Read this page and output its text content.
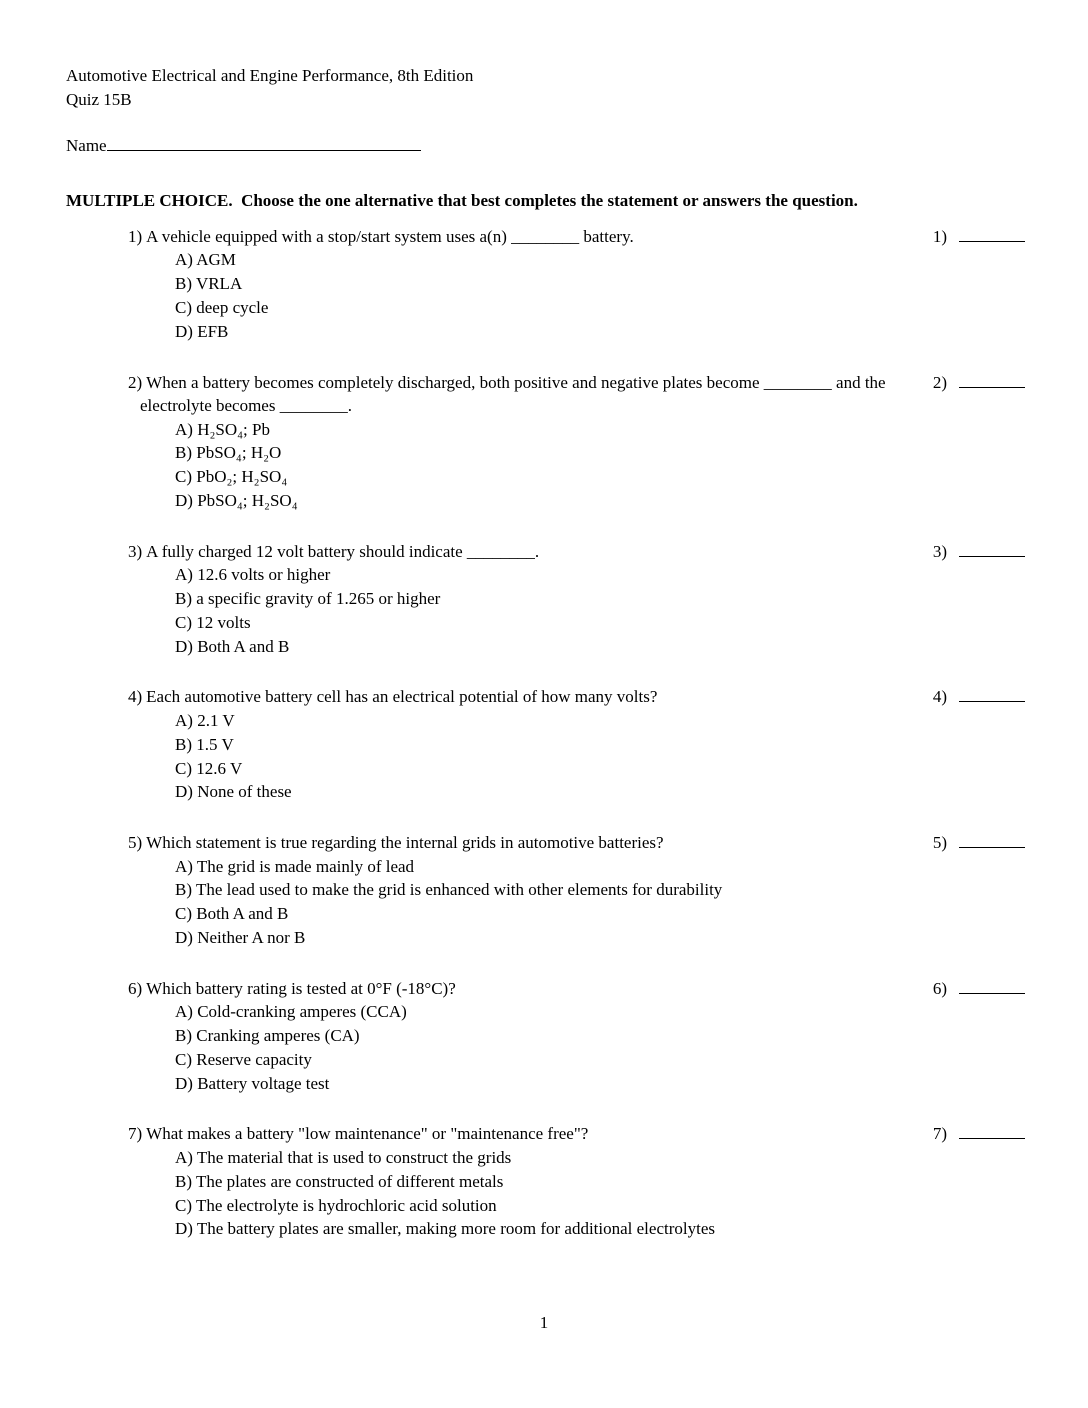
Automotive Electrical and Engine Performance, 8th Edition
Quiz 15B
Name
MULTIPLE CHOICE.  Choose the one alternative that best completes the statement or answers the question.
1) A vehicle equipped with a stop/start system uses a(n) ________ battery.
A) AGM
B) VRLA
C) deep cycle
D) EFB
1)
2) When a battery becomes completely discharged, both positive and negative plates become ________ and the electrolyte becomes ________.
A) H₂SO₄; Pb
B) PbSO₄; H₂O
C) PbO₂; H₂SO₄
D) PbSO₄; H₂SO₄
2)
3) A fully charged 12 volt battery should indicate ________.
A) 12.6 volts or higher
B) a specific gravity of 1.265 or higher
C) 12 volts
D) Both A and B
3)
4) Each automotive battery cell has an electrical potential of how many volts?
A) 2.1 V
B) 1.5 V
C) 12.6 V
D) None of these
4)
5) Which statement is true regarding the internal grids in automotive batteries?
A) The grid is made mainly of lead
B) The lead used to make the grid is enhanced with other elements for durability
C) Both A and B
D) Neither A nor B
5)
6) Which battery rating is tested at 0°F (-18°C)?
A) Cold-cranking amperes (CCA)
B) Cranking amperes (CA)
C) Reserve capacity
D) Battery voltage test
6)
7) What makes a battery "low maintenance" or "maintenance free"?
A) The material that is used to construct the grids
B) The plates are constructed of different metals
C) The electrolyte is hydrochloric acid solution
D) The battery plates are smaller, making more room for additional electrolytes
7)
1
